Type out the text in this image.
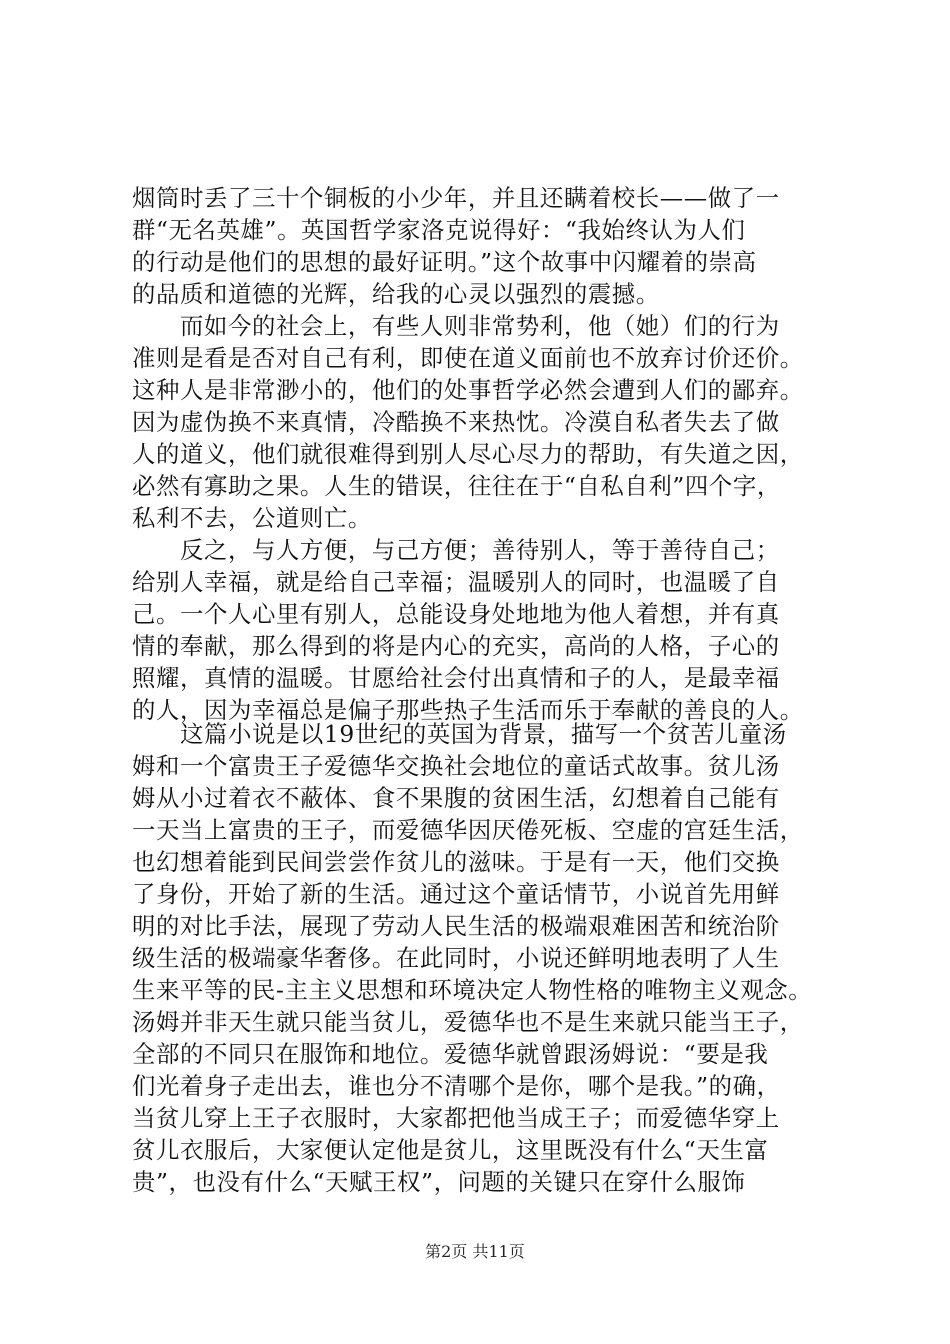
烟筒时丢了三十个铜板的小少年，并且还瞒着校长——做了一
群“无名英雄”。英国哲学家洛克说得好：“我始终认为人们
的行动是他们的思想的最好证明。”这个故事中闪耀着的崇高
的品质和道德的光辉，给我的心灵以强烈的震撼。
　　而如今的社会上，有些人则非常势利，他（她）们的行为
准则是看是否对自己有利，即使在道义面前也不放弃讨价还价。
这种人是非常渺小的，他们的处事哲学必然会遭到人们的鄙弃。
因为虚伪换不来真情，冷酷换不来热忱。冷漠自私者失去了做
人的道义，他们就很难得到别人尽心尽力的帮助，有失道之因，
必然有寡助之果。人生的错误，往往在于“自私自利”四个字，
私利不去，公道则亡。
　　反之，与人方便，与己方便；善待别人，等于善待自己；
给别人幸福，就是给自己幸福；温暖别人的同时，也温暖了自
己。一个人心里有别人，总能设身处地地为他人着想，并有真
情的奉献，那么得到的将是内心的充实，高尚的人格，子心的
照耀，真情的温暖。甘愿给社会付出真情和子的人，是最幸福
的人，因为幸福总是偏子那些热子生活而乐于奉献的善良的人。
　　这篇小说是以19世纪的英国为背景，描写一个贫苦儿童汤
姆和一个富贵王子爱德华交换社会地位的童话式故事。贫儿汤
姆从小过着衣不蔽体、食不果腹的贫困生活，幻想着自己能有
一天当上富贵的王子，而爱德华因厌倦死板、空虚的宫廷生活，
也幻想着能到民间尝尝作贫儿的滋味。于是有一天，他们交换
了身份，开始了新的生活。通过这个童话情节，小说首先用鲜
明的对比手法，展现了劳动人民生活的极端艰难困苦和统治阶
级生活的极端豪华奢侈。在此同时，小说还鲜明地表明了人生
生来平等的民-主主义思想和环境决定人物性格的唯物主义观念。
汤姆并非天生就只能当贫儿，爱德华也不是生来就只能当王子，
全部的不同只在服饰和地位。爱德华就曾跟汤姆说：“要是我
们光着身子走出去，谁也分不清哪个是你，哪个是我。”的确，
当贫儿穿上王子衣服时，大家都把他当成王子；而爱德华穿上
贫儿衣服后，大家便认定他是贫儿，这里既没有什么“天生富
贵”，也没有什么“天赋王权”，问题的关键只在穿什么服饰
第2页 共11页
